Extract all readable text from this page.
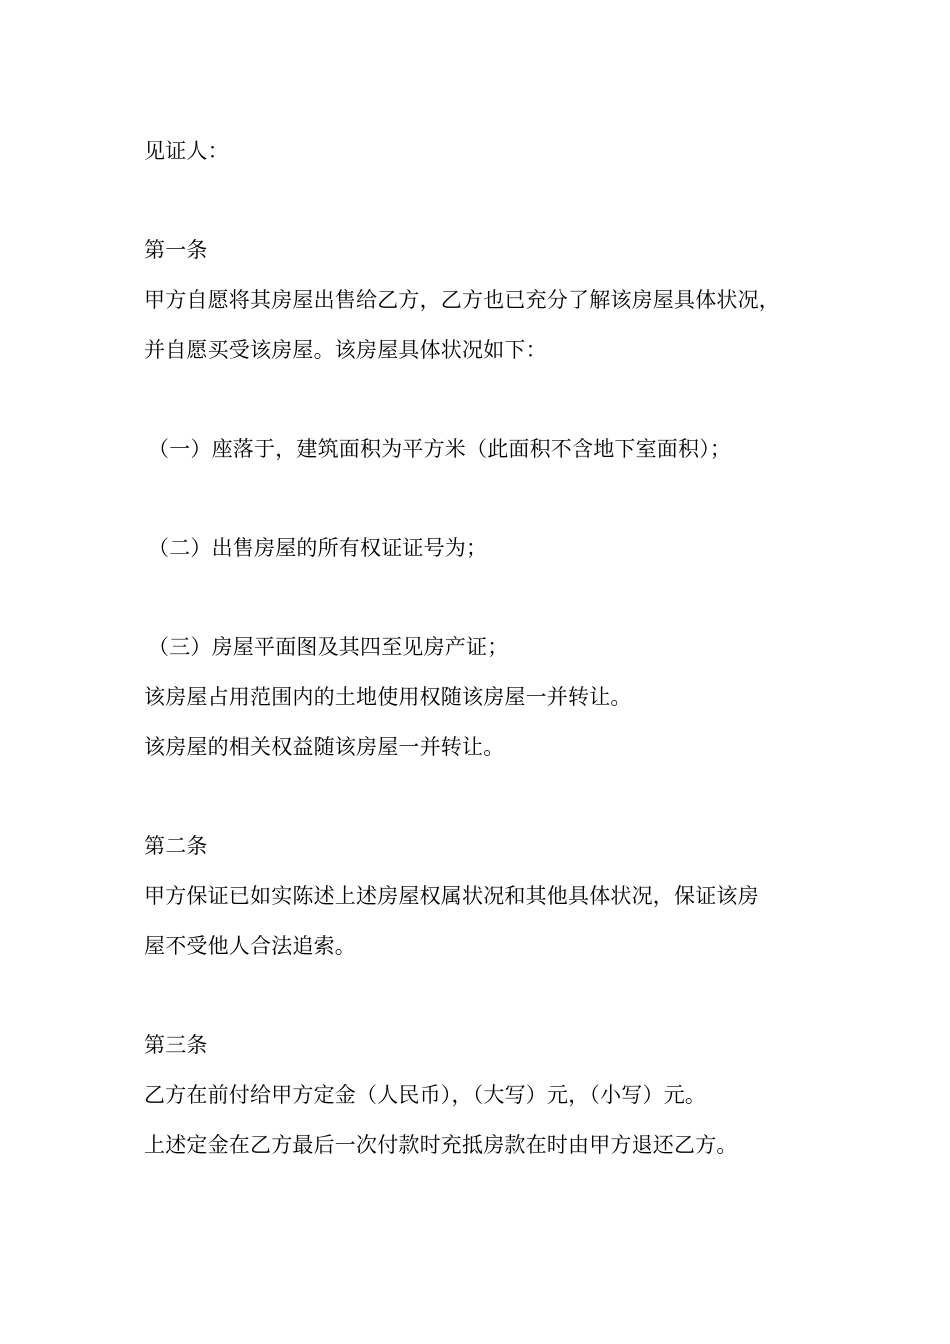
见证人：
第一条
甲方自愿将其房屋出售给乙方，乙方也已充分了解该房屋具体状况，
并自愿买受该房屋。该房屋具体状况如下：
（一）座落于，建筑面积为平方米（此面积不含地下室面积）；
（二）出售房屋的所有权证证号为；
（三）房屋平面图及其四至见房产证；
该房屋占用范围内的土地使用权随该房屋一并转让。
该房屋的相关权益随该房屋一并转让。
第二条
甲方保证已如实陈述上述房屋权属状况和其他具体状况，保证该房
屋不受他人合法追索。
第三条
乙方在前付给甲方定金（人民币），（大写）元，（小写）元。
上述定金在乙方最后一次付款时充抵房款在时由甲方退还乙方。
